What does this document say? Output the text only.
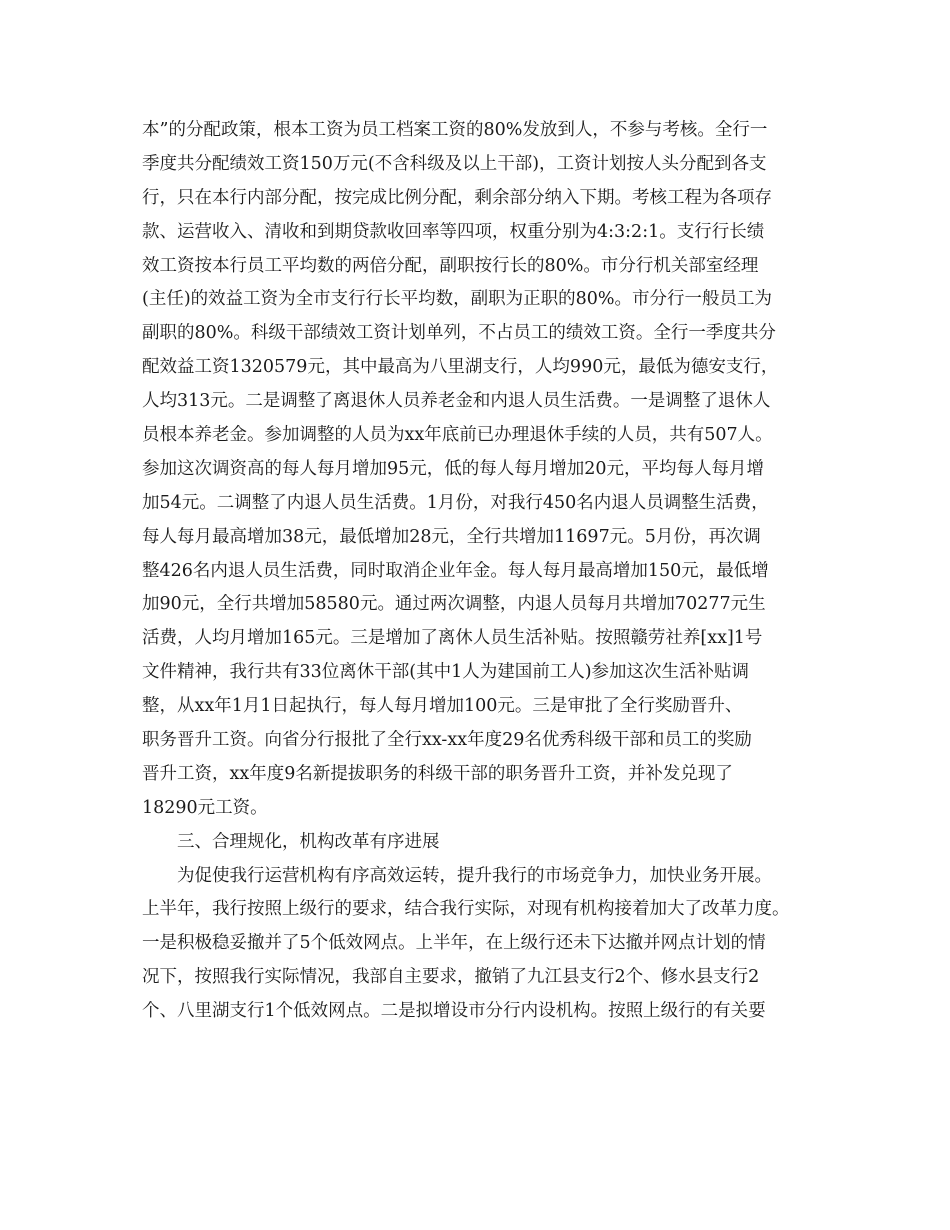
本”的分配政策，根本工资为员工档案工资的80%发放到人，不参与考核。全行一
季度共分配绩效工资150万元(不含科级及以上干部)，工资计划按人头分配到各支
行，只在本行内部分配，按完成比例分配，剩余部分纳入下期。考核工程为各项存
款、运营收入、清收和到期贷款收回率等四项，权重分别为4:3:2:1。支行行长绩
效工资按本行员工平均数的两倍分配，副职按行长的80%。市分行机关部室经理
(主任)的效益工资为全市支行行长平均数，副职为正职的80%。市分行一般员工为
副职的80%。科级干部绩效工资计划单列，不占员工的绩效工资。全行一季度共分
配效益工资1320579元，其中最高为八里湖支行，人均990元，最低为德安支行，
人均313元。二是调整了离退休人员养老金和内退人员生活费。一是调整了退休人
员根本养老金。参加调整的人员为xx年底前已办理退休手续的人员，共有507人。
参加这次调资高的每人每月增加95元，低的每人每月增加20元，平均每人每月增
加54元。二调整了内退人员生活费。1月份，对我行450名内退人员调整生活费，
每人每月最高增加38元，最低增加28元，全行共增加11697元。5月份，再次调
整426名内退人员生活费，同时取消企业年金。每人每月最高增加150元，最低增
加90元，全行共增加58580元。通过两次调整，内退人员每月共增加70277元生
活费，人均月增加165元。三是增加了离休人员生活补贴。按照赣劳社养[xx]1号
文件精神，我行共有33位离休干部(其中1人为建国前工人)参加这次生活补贴调
整，从xx年1月1日起执行，每人每月增加100元。三是审批了全行奖励晋升、
职务晋升工资。向省分行报批了全行xx-xx年度29名优秀科级干部和员工的奖励
晋升工资，xx年度9名新提拔职务的科级干部的职务晋升工资，并补发兑现了
18290元工资。
三、合理规化，机构改革有序进展
为促使我行运营机构有序高效运转，提升我行的市场竞争力，加快业务开展。
上半年，我行按照上级行的要求，结合我行实际，对现有机构接着加大了改革力度。
一是积极稳妥撤并了5个低效网点。上半年，在上级行还未下达撤并网点计划的情
况下，按照我行实际情况，我部自主要求，撤销了九江县支行2个、修水县支行2
个、八里湖支行1个低效网点。二是拟增设市分行内设机构。按照上级行的有关要
